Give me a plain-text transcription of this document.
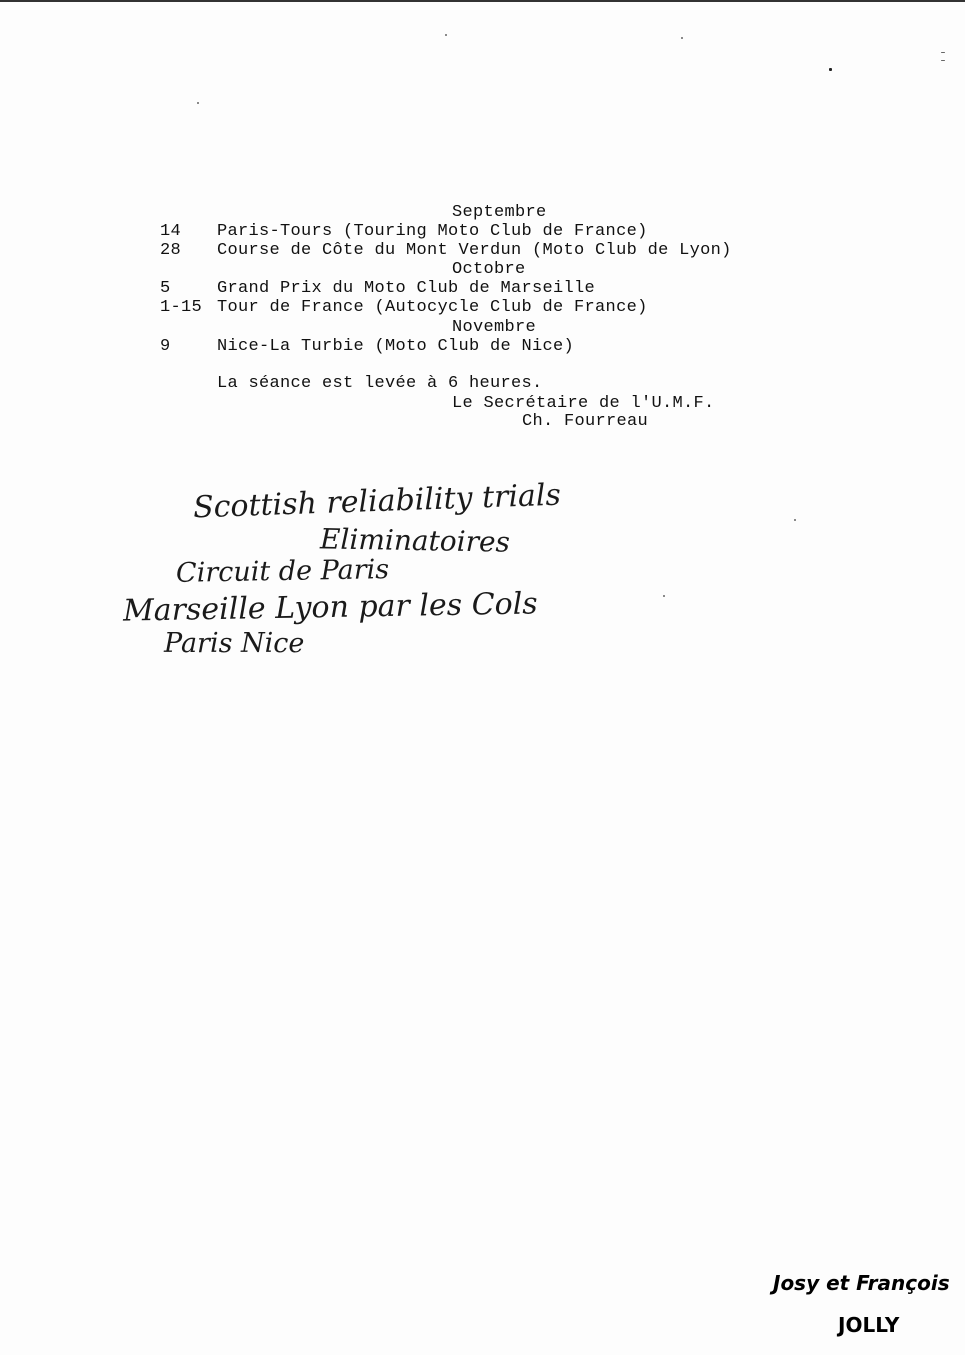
Septembre
14 Paris-Tours (Touring Moto Club de France)
28 Course de Côte du Mont Verdun (Moto Club de Lyon)
Octobre
5	Grand Prix du Moto Club de Marseille
1-15 Tour de France (Autocycle Club de France)
Novembre
9	Nice-La Turbie (Moto Club de Nice)
La séance est levée à 6 heures.
Le Secrétaire de l'U.M.F.
Ch. Fourreau
Scottish reliability trials
Eliminatoires
Circuit de Paris
Marseille Lyon par les Cols
Paris Nice
Josy et François
JOLLY
